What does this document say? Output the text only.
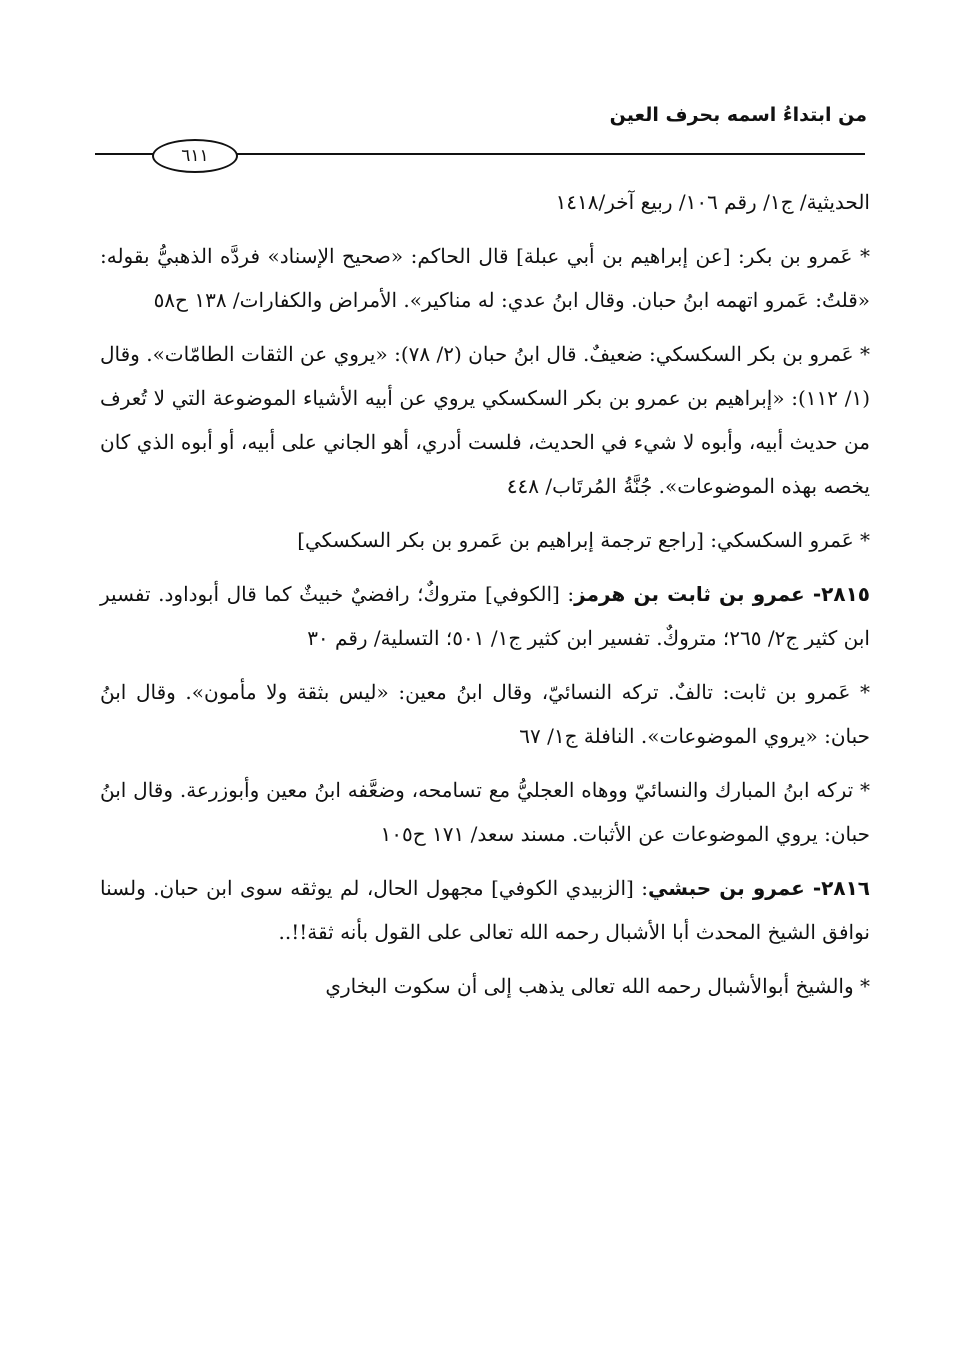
من ابتداءُ اسمه بحرف العين
٦١١

الحديثية/ ج١/ رقم ١٠٦/ ربيع آخر/١٤١٨

* عَمرو بن بكر: [عن إبراهيم بن أبي عبلة] قال الحاكم: «صحيح الإسناد» فردَّه الذهبيُّ بقوله: «قلتُ: عَمرو اتهمه ابنُ حبان. وقال ابنُ عدي: له مناكير». الأمراض والكفارات/ ١٣٨ ح٥٨

* عَمرو بن بكر السكسكي: ضعيفٌ. قال ابنُ حبان (٢/ ٧٨): «يروي عن الثقات الطامّات». وقال (١/ ١١٢): «إبراهيم بن عمرو بن بكر السكسكي يروي عن أبيه الأشياء الموضوعة التي لا تُعرف من حديث أبيه، وأبوه لا شيء في الحديث، فلست أدري، أهو الجاني على أبيه، أو أبوه الذي كان يخصه بهذه الموضوعات». جُنَّةُ المُرتَاب/ ٤٤٨

* عَمرو السكسكي: [راجع ترجمة إبراهيم بن عَمرو بن بكر السكسكي]

٢٨١٥- عمرو بن ثابت بن هرمز: [الكوفي] متروكٌ؛ رافضيٌ خبيثٌ كما قال أبوداود. تفسير ابن كثير ج٢/ ٢٦٥؛ متروكٌ. تفسير ابن كثير ج١/ ٥٠١؛ التسلية/ رقم ٣٠

* عَمرو بن ثابت: تالفٌ. تركه النسائيّ، وقال ابنُ معين: «ليس بثقة ولا مأمون». وقال ابنُ حبان: «يروي الموضوعات». النافلة ج١/ ٦٧

* تركه ابنُ المبارك والنسائيّ ووهاه العجليُّ مع تسامحه، وضعَّفه ابنُ معين وأبوزرعة. وقال ابنُ حبان: يروي الموضوعات عن الأثبات. مسند سعد/ ١٧١ ح١٠٥

٢٨١٦- عمرو بن حبشي: [الزبيدي الكوفي] مجهول الحال، لم يوثقه سوى ابن حبان. ولسنا نوافق الشيخ المحدث أبا الأشبال رحمه الله تعالى على القول بأنه ثقة!!..

* والشيخ أبوالأشبال رحمه الله تعالى يذهب إلى أن سكوت البخاري
